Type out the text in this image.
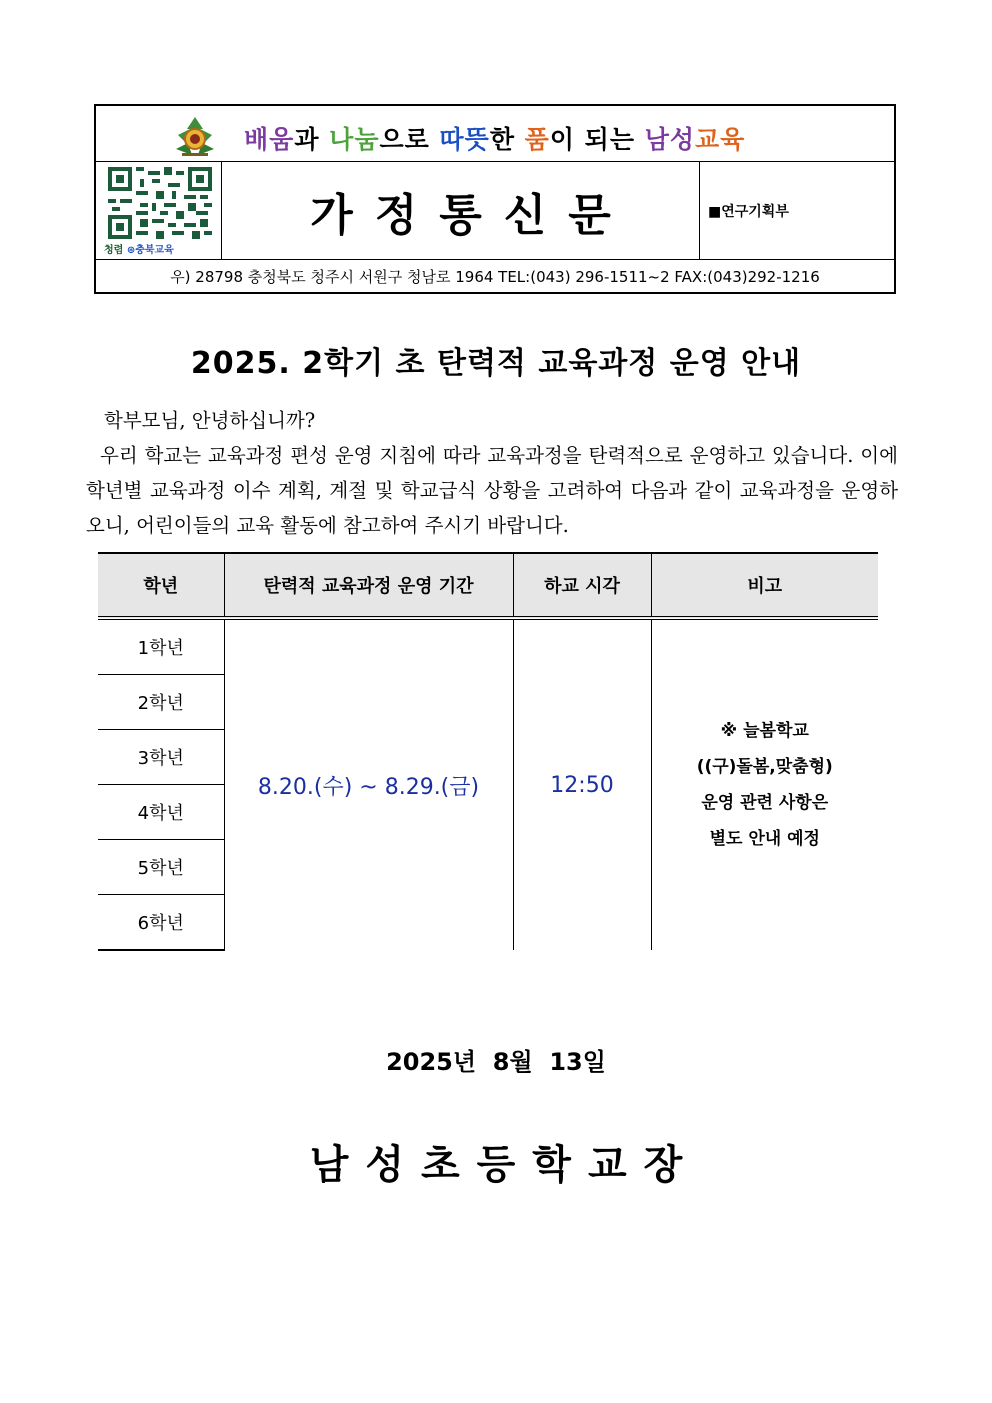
배움과 나눔으로 따뜻한 품이 되는 남성교육
청렴 ⊛충북교육
가정통신문	■연구기획부
우) 28798 충청북도 청주시 서원구 청남로 1964 TEL:(043) 296-1511~2 FAX:(043)292-1216
2025. 2학기 초 탄력적 교육과정 운영 안내
학부모님, 안녕하십니까?
우리 학교는 교육과정 편성 운영 지침에 따라 교육과정을 탄력적으로 운영하고 있습니다. 이에 학년별 교육과정 이수 계획, 계절 및 학교급식 상황을 고려하여 다음과 같이 교육과정을 운영하오니, 어린이들의 교육 활동에 참고하여 주시기 바랍니다.
학년	탄력적 교육과정 운영 기간	하교 시각	비고
1학년	8.20.(수) ~ 8.29.(금)	12:50	※ 늘봄학교
((구)돌봄,맞춤형)
운영 관련 사항은
별도 안내 예정

2학년			
3학년			
4학년			
5학년			
6학년			
2025년  8월  13일
남성초등학교장
